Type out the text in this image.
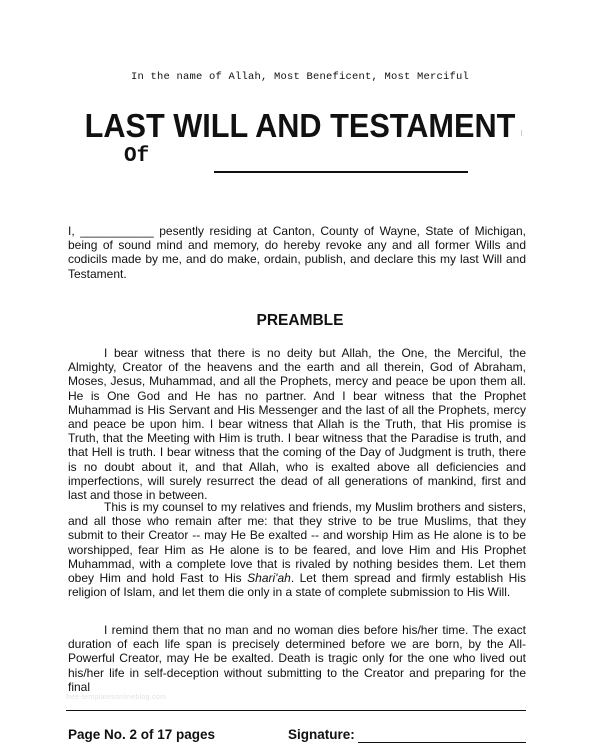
In the name of Allah, Most Beneficent, Most Merciful
LAST WILL AND TESTAMENT
Of

I, ___________ pesently residing at Canton, County of Wayne, State of Michigan, being of sound mind and memory, do hereby revoke any and all former Wills and codicils made by me, and do make, ordain, publish, and declare this my last Will and Testament.

PREAMBLE

I bear witness that there is no deity but Allah, the One, the Merciful, the Almighty, Creator of the heavens and the earth and all therein, God of Abraham, Moses, Jesus, Muhammad, and all the Prophets, mercy and peace be upon them all. He is One God and He has no partner. And I bear witness that the Prophet Muhammad is His Servant and His Messenger and the last of all the Prophets, mercy and peace be upon him. I bear witness that Allah is the Truth, that His promise is Truth, that the Meeting with Him is truth. I bear witness that the Paradise is truth, and that Hell is truth. I bear witness that the coming of the Day of Judgment is truth, there is no doubt about it, and that Allah, who is exalted above all deficiencies and imperfections, will surely resurrect the dead of all generations of mankind, first and last and those in between.

This is my counsel to my relatives and friends, my Muslim brothers and sisters, and all those who remain after me: that they strive to be true Muslims, that they submit to their Creator -- may He Be exalted -- and worship Him as He alone is to be worshipped, fear Him as He alone is to be feared, and love Him and His Prophet Muhammad, with a complete love that is rivaled by nothing besides them. Let them obey Him and hold Fast to His Shari'ah. Let them spread and firmly establish His religion of Islam, and let them die only in a state of complete submission to His Will.

I remind them that no man and no woman dies before his/her time. The exact duration of each life span is precisely determined before we are born, by the All-Powerful Creator, may He be exalted. Death is tragic only for the one who lived out his/her life in self-deception without submitting to the Creator and preparing for the final

free-templatesonlineblog.com
Page No. 2 of 17 pages	Signature:
